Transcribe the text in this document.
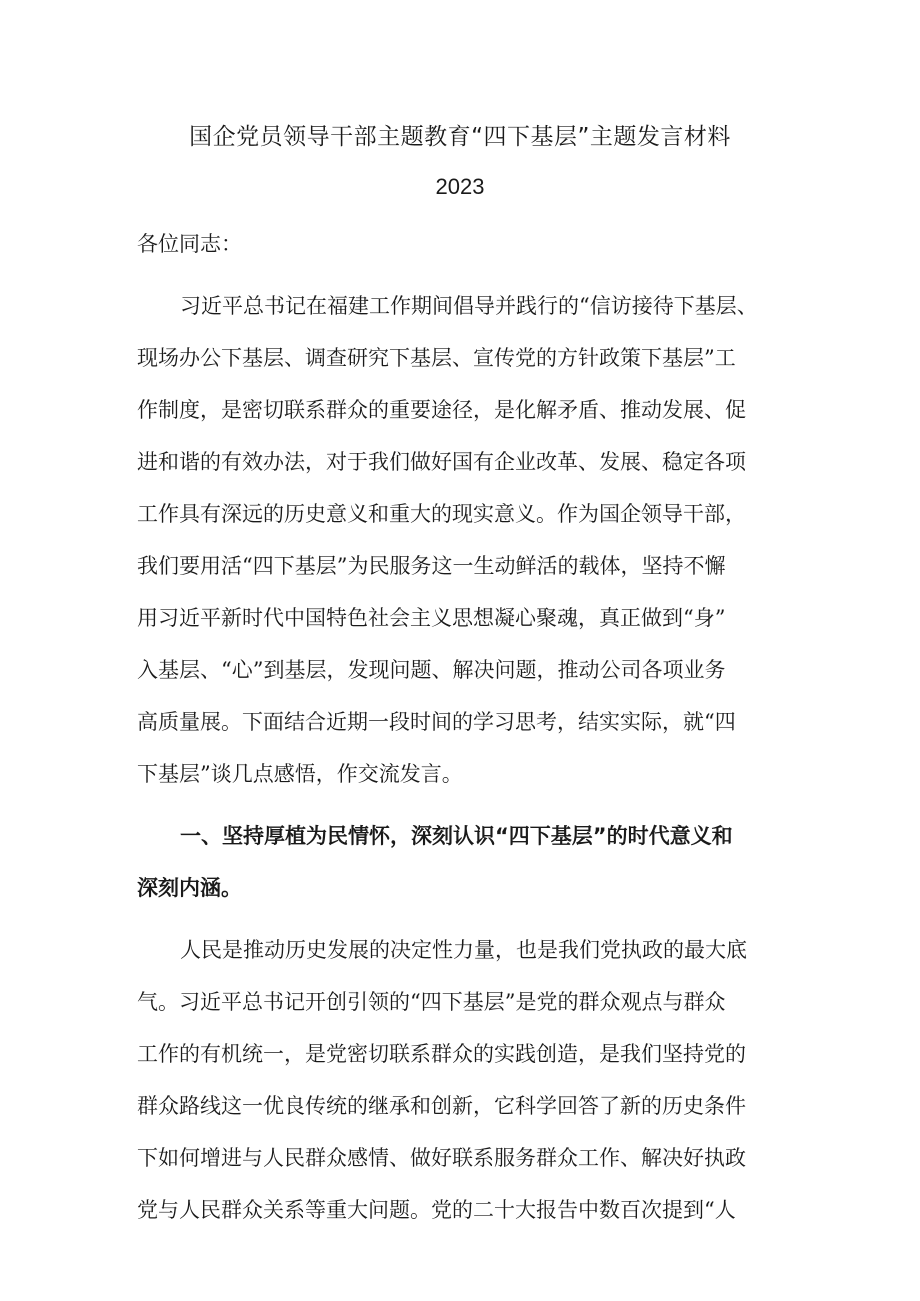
国企党员领导干部主题教育“四下基层”主题发言材料
2023
各位同志：
习近平总书记在福建工作期间倡导并践行的“信访接待下基层、
现场办公下基层、调查研究下基层、宣传党的方针政策下基层”工
作制度，是密切联系群众的重要途径，是化解矛盾、推动发展、促
进和谐的有效办法，对于我们做好国有企业改革、发展、稳定各项
工作具有深远的历史意义和重大的现实意义。作为国企领导干部，
我们要用活“四下基层”为民服务这一生动鲜活的载体，坚持不懈
用习近平新时代中国特色社会主义思想凝心聚魂，真正做到“身”
入基层、“心”到基层，发现问题、解决问题，推动公司各项业务
高质量展。下面结合近期一段时间的学习思考，结实实际，就“四
下基层”谈几点感悟，作交流发言。
一、坚持厚植为民情怀，深刻认识“四下基层”的时代意义和
深刻内涵。
人民是推动历史发展的决定性力量，也是我们党执政的最大底
气。习近平总书记开创引领的“四下基层”是党的群众观点与群众
工作的有机统一，是党密切联系群众的实践创造，是我们坚持党的
群众路线这一优良传统的继承和创新，它科学回答了新的历史条件
下如何增进与人民群众感情、做好联系服务群众工作、解决好执政
党与人民群众关系等重大问题。党的二十大报告中数百次提到“人
